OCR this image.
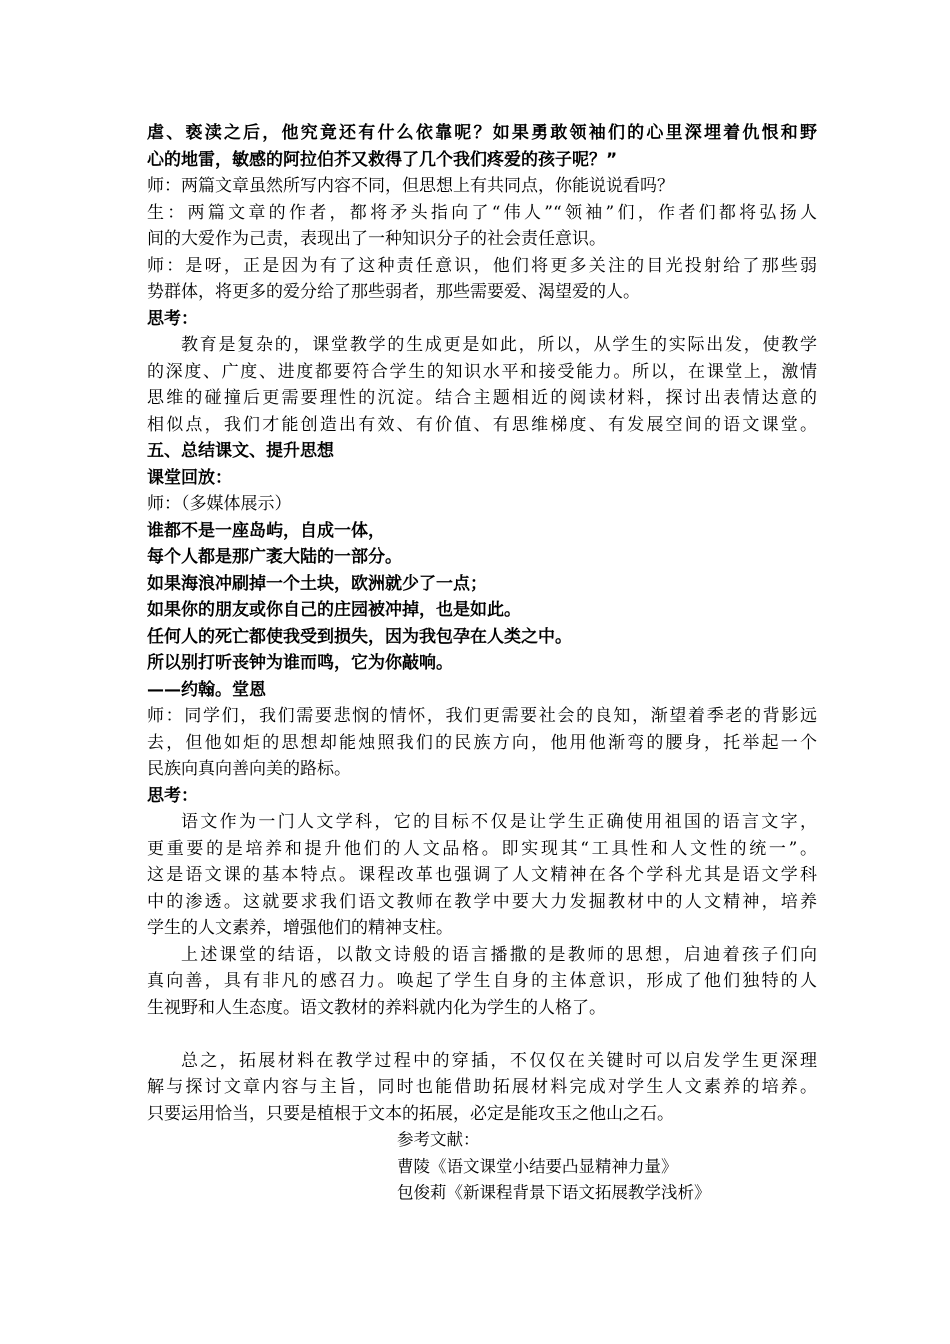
虐、亵渎之后，他究竟还有什么依靠呢？如果勇敢领袖们的心里深埋着仇恨和野

心的地雷，敏感的阿拉伯芥又救得了几个我们疼爱的孩子呢？”

师：两篇文章虽然所写内容不同，但思想上有共同点，你能说说看吗？

生：两篇文章的作者，都将矛头指向了“伟人”“领袖”们，作者们都将弘扬人

间的大爱作为己责，表现出了一种知识分子的社会责任意识。

师：是呀，正是因为有了这种责任意识，他们将更多关注的目光投射给了那些弱

势群体，将更多的爱分给了那些弱者，那些需要爱、渴望爱的人。

思考：

教育是复杂的，课堂教学的生成更是如此，所以，从学生的实际出发，使教学

的深度、广度、进度都要符合学生的知识水平和接受能力。所以，在课堂上，激情

思维的碰撞后更需要理性的沉淀。结合主题相近的阅读材料，探讨出表情达意的

相似点，我们才能创造出有效、有价值、有思维梯度、有发展空间的语文课堂。

五、总结课文、提升思想

课堂回放：

师：（多媒体展示）

谁都不是一座岛屿，自成一体，

每个人都是那广袤大陆的一部分。

如果海浪冲刷掉一个土块，欧洲就少了一点；

如果你的朋友或你自己的庄园被冲掉，也是如此。

任何人的死亡都使我受到损失，因为我包孕在人类之中。

所以别打听丧钟为谁而鸣，它为你敲响。

——约翰。堂恩

师：同学们，我们需要悲悯的情怀，我们更需要社会的良知，渐望着季老的背影远

去，但他如炬的思想却能烛照我们的民族方向，他用他渐弯的腰身，托举起一个

民族向真向善向美的路标。

思考：

语文作为一门人文学科，它的目标不仅是让学生正确使用祖国的语言文字，

更重要的是培养和提升他们的人文品格。即实现其“工具性和人文性的统一”。

这是语文课的基本特点。课程改革也强调了人文精神在各个学科尤其是语文学科

中的渗透。这就要求我们语文教师在教学中要大力发掘教材中的人文精神，培养

学生的人文素养，增强他们的精神支柱。

上述课堂的结语，以散文诗般的语言播撒的是教师的思想，启迪着孩子们向

真向善，具有非凡的感召力。唤起了学生自身的主体意识，形成了他们独特的人

生视野和人生态度。语文教材的养料就内化为学生的人格了。

总之，拓展材料在教学过程中的穿插，不仅仅在关键时可以启发学生更深理

解与探讨文章内容与主旨，同时也能借助拓展材料完成对学生人文素养的培养。

只要运用恰当，只要是植根于文本的拓展，必定是能攻玉之他山之石。

参考文献：

曹陵《语文课堂小结要凸显精神力量》

包俊莉《新课程背景下语文拓展教学浅析》
